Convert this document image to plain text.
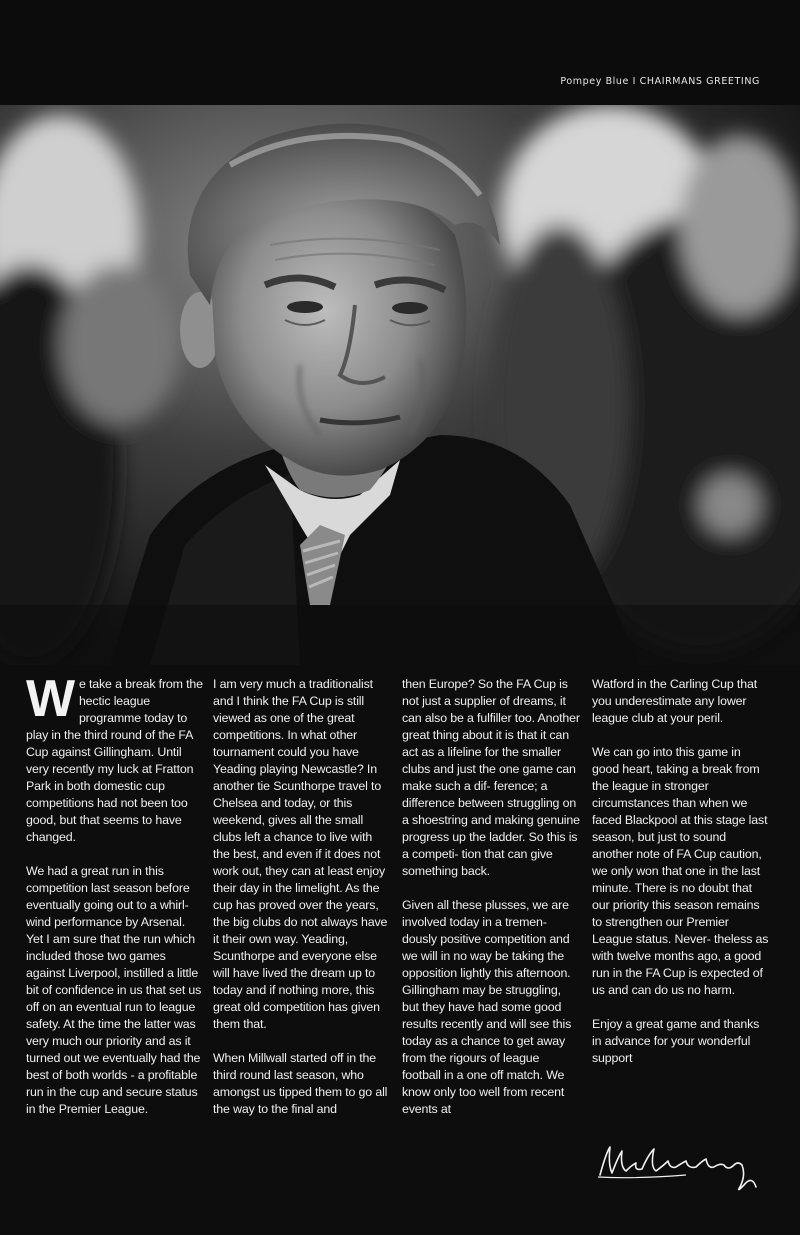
Pompey Blue I CHAIRMANS GREETING

We take a break from the hectic league programme today to play in the third round of the FA Cup against Gillingham. Until very recently my luck at Fratton Park in both domestic cup competitions had not been too good, but that seems to have changed.

We had a great run in this competition last season before eventually going out to a whirl- wind performance by Arsenal. Yet I am sure that the run which included those two games against Liverpool, instilled a little bit of confidence in us that set us off on an eventual run to league safety. At the time the latter was very much our priority and as it turned out we eventually had the best of both worlds - a profitable run in the cup and secure status in the Premier League.

I am very much a traditionalist and I think the FA Cup is still viewed as one of the great competitions. In what other tournament could you have Yeading playing Newcastle? In another tie Scunthorpe travel to Chelsea and today, or this weekend, gives all the small clubs left a chance to live with the best, and even if it does not work out, they can at least enjoy their day in the limelight. As the cup has proved over the years, the big clubs do not always have it their own way. Yeading, Scunthorpe and everyone else will have lived the dream up to today and if nothing more, this great old competition has given them that.

When Millwall started off in the third round last season, who amongst us tipped them to go all the way to the final and

then Europe? So the FA Cup is not just a supplier of dreams, it can also be a fulfiller too. Another great thing about it is that it can act as a lifeline for the smaller clubs and just the one game can make such a dif- ference; a difference between struggling on a shoestring and making genuine progress up the ladder. So this is a competi- tion that can give something back.

Given all these plusses, we are involved today in a tremen- dously positive competition and we will in no way be taking the opposition lightly this afternoon. Gillingham may be struggling, but they have had some good results recently and will see this today as a chance to get away from the rigours of league football in a one off match. We know only too well from recent events at

Watford in the Carling Cup that you underestimate any lower league club at your peril.

We can go into this game in good heart, taking a break from the league in stronger circumstances than when we faced Blackpool at this stage last season, but just to sound another note of FA Cup caution, we only won that one in the last minute. There is no doubt that our priority this season remains to strengthen our Premier League status. Never- theless as with twelve months ago, a good run in the FA Cup is expected of us and can do us no harm.

Enjoy a great game and thanks in advance for your wonderful support
